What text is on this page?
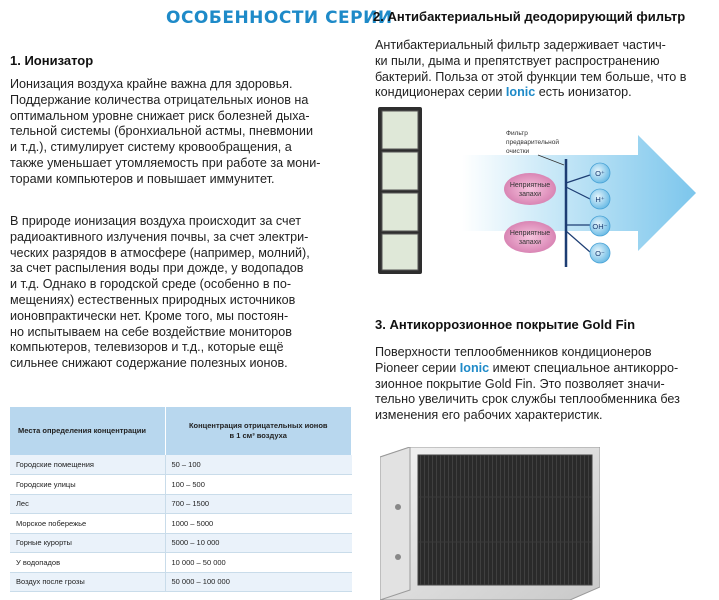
ОСОБЕННОСТИ СЕРИИ
1. Ионизатор
Ионизация воздуха крайне важна для здоровья.
Поддержание количества отрицательных ионов на
оптимальном уровне снижает риск болезней дыха-
тельной системы (бронхиальной астмы, пневмонии
и т.д.), стимулирует систему кровообращения, а
также уменьшает утомляемость при работе за мони-
торами компьютеров и повышает иммунитет.
В природе ионизация воздуха происходит за счет
радиоактивного излучения почвы, за счет электри-
ческих разрядов в атмосфере (например, молний),
за счет распыления воды при дожде, у водопадов
и т.д. Однако в городской среде (особенно в по-
мещениях) естественных природных источников
ионовпрактически нет. Кроме того, мы постоян-
но испытываем на себе воздействие мониторов
компьютеров, телевизоров и т.д., которые ещё
сильнее снижают содержание полезных ионов.
Места определения концентрации	Концентрация отрицательных ионов
в 1 см³ воздуха

Городские помещения	50 – 100
Городские улицы	100 – 500
Лес	700 – 1500
Морское побережье	1000 – 5000
Горные курорты	5000 – 10 000
У водопадов	10 000 – 50 000
Воздух после грозы	50 000 – 100 000
2. Антибактериальный деодорирующий фильтр
Антибактериальный фильтр задерживает частич-
ки пыли, дыма и препятствует распространению
бактерий. Польза от этой функции тем больше, что в
кондиционерах серии Ionic есть ионизатор.
Фильтр
предварительной
очистки
Неприятные
запахи
Неприятные
запахи
O⁺
H⁺
OH⁻
O⁻
3. Антикоррозионное покрытие Gold Fin
Поверхности теплообменников кондиционеров
Pioneer серии Ionic имеют специальное антикорро-
зионное покрытие Gold Fin. Это позволяет значи-
тельно увеличить срок службы теплообменника без
изменения его рабочих характеристик.
